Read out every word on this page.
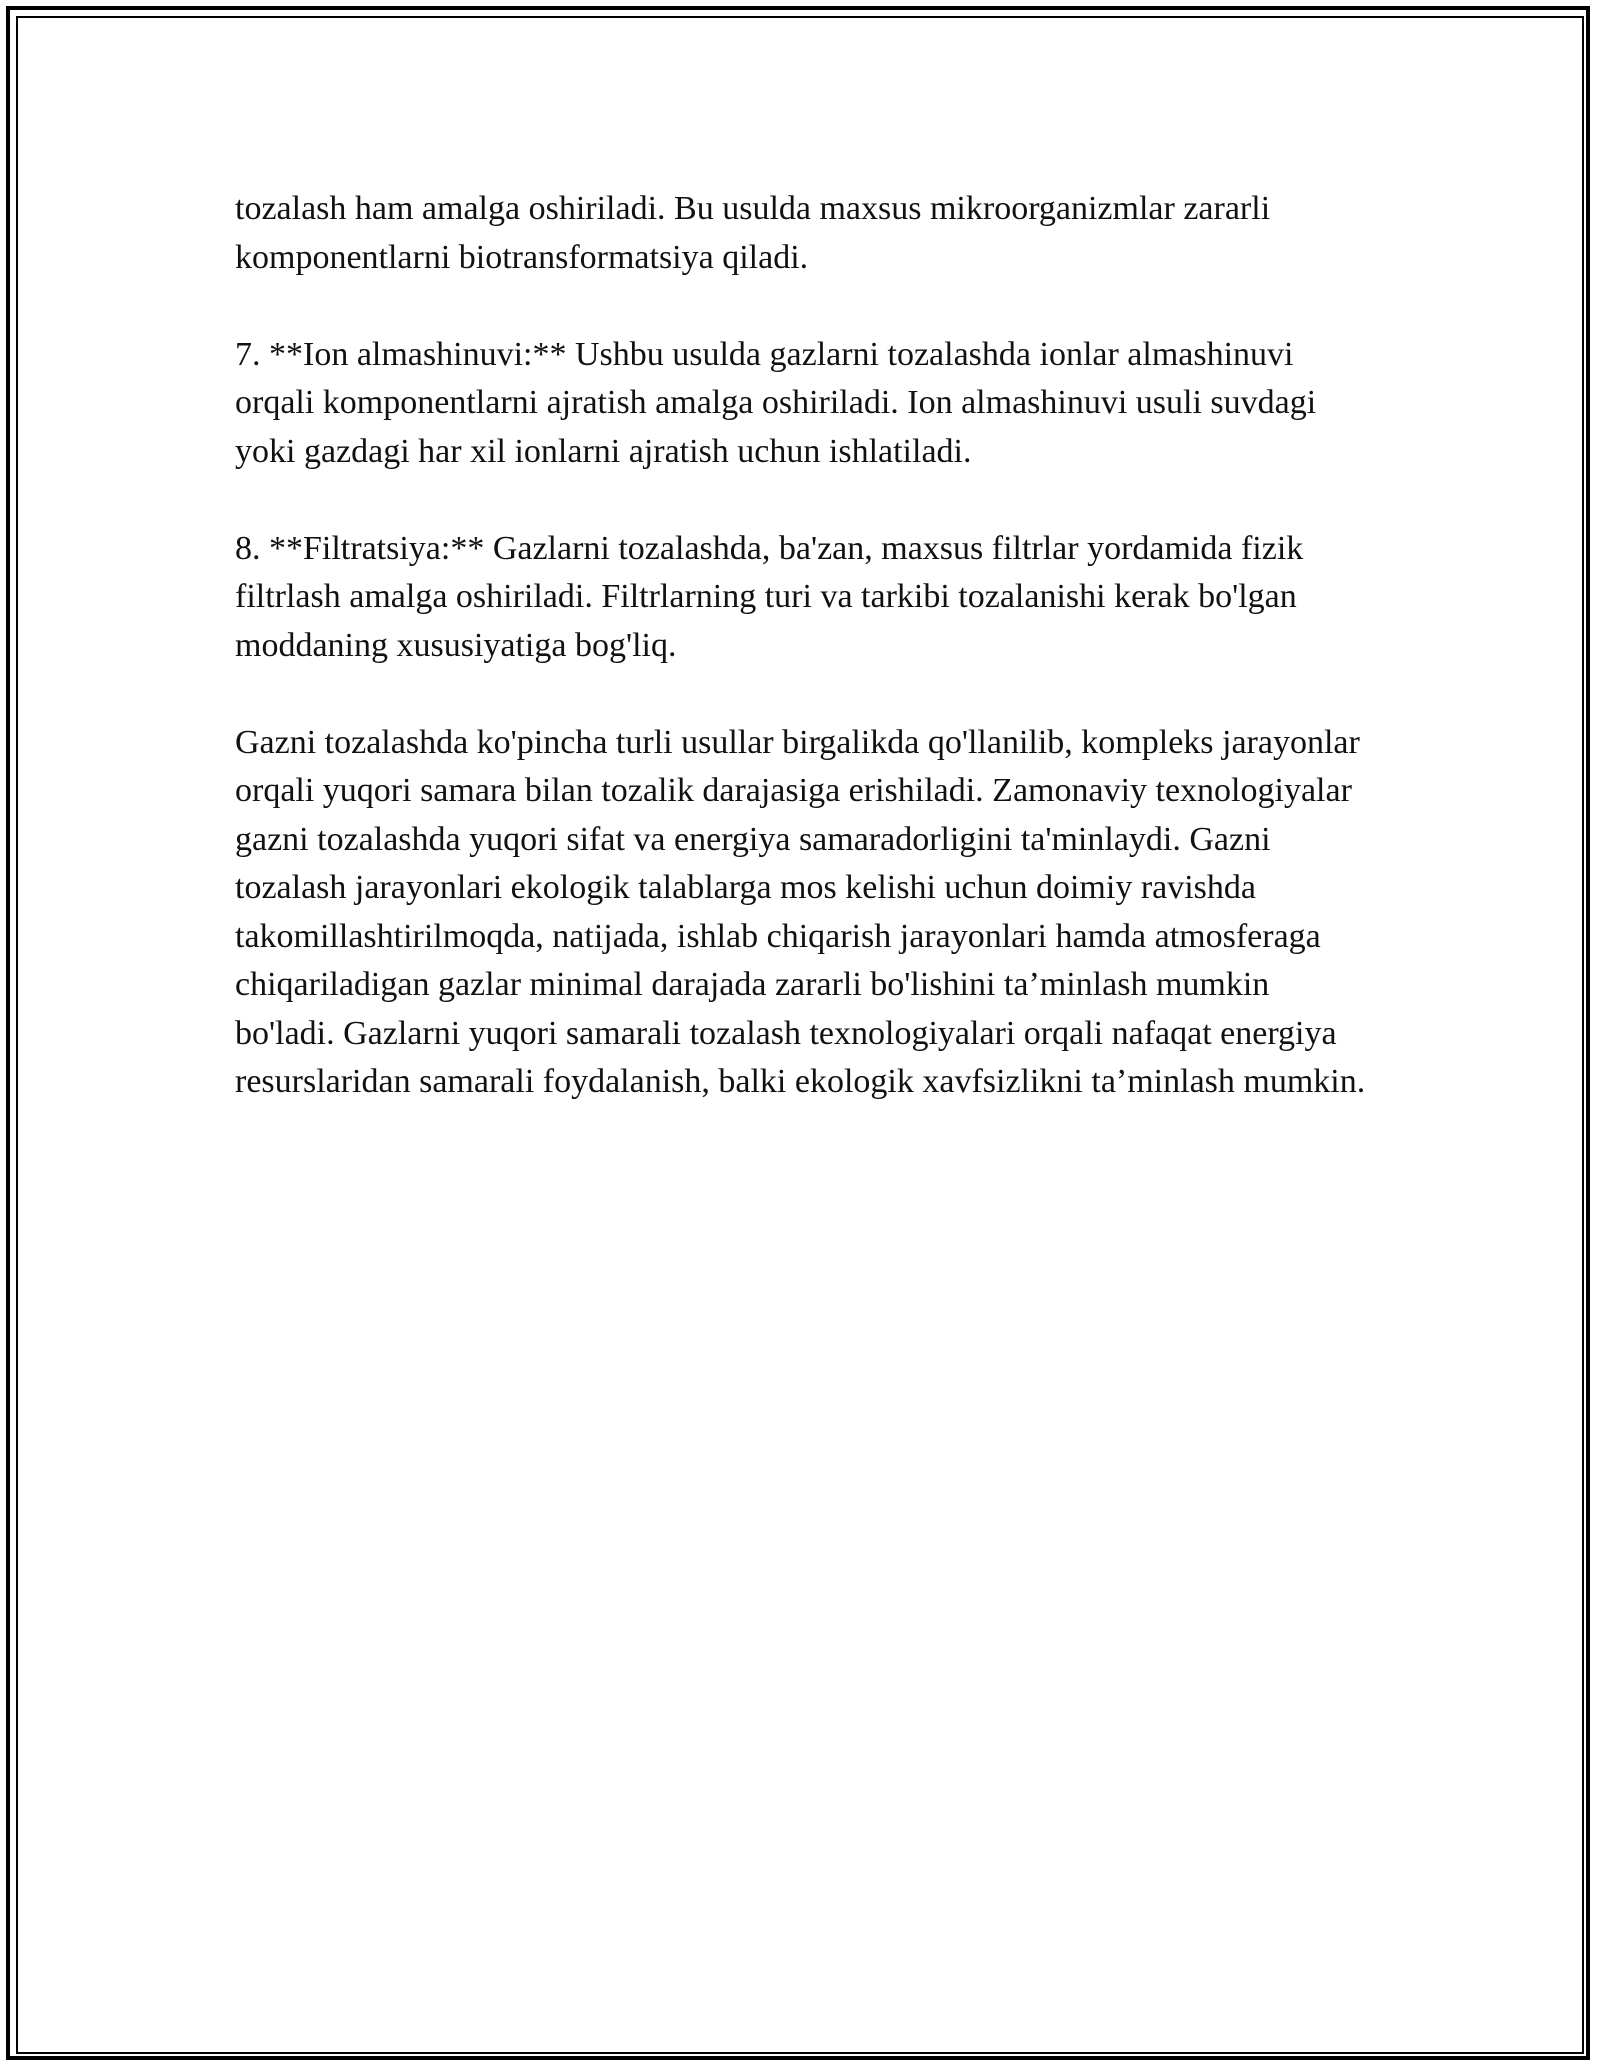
tozalash ham amalga oshiriladi. Bu usulda maxsus mikroorganizmlar zararli komponentlarni biotransformatsiya qiladi.

7. **Ion almashinuvi:** Ushbu usulda gazlarni tozalashda ionlar almashinuvi orqali komponentlarni ajratish amalga oshiriladi. Ion almashinuvi usuli suvdagi yoki gazdagi har xil ionlarni ajratish uchun ishlatiladi.

8. **Filtratsiya:** Gazlarni tozalashda, ba'zan, maxsus filtrlar yordamida fizik filtrlash amalga oshiriladi. Filtrlarning turi va tarkibi tozalanishi kerak bo'lgan moddaning xususiyatiga bog'liq.

Gazni tozalashda ko'pincha turli usullar birgalikda qo'llanilib, kompleks jarayonlar orqali yuqori samara bilan tozalik darajasiga erishiladi. Zamonaviy texnologiyalar gazni tozalashda yuqori sifat va energiya samaradorligini ta'minlaydi. Gazni tozalash jarayonlari ekologik talablarga mos kelishi uchun doimiy ravishda takomillashtirilmoqda, natijada, ishlab chiqarish jarayonlari hamda atmosferaga chiqariladigan gazlar minimal darajada zararli bo'lishini ta’minlash mumkin bo'ladi. Gazlarni yuqori samarali tozalash texnologiyalari orqali nafaqat energiya resurslaridan samarali foydalanish, balki ekologik xavfsizlikni ta’minlash mumkin.
